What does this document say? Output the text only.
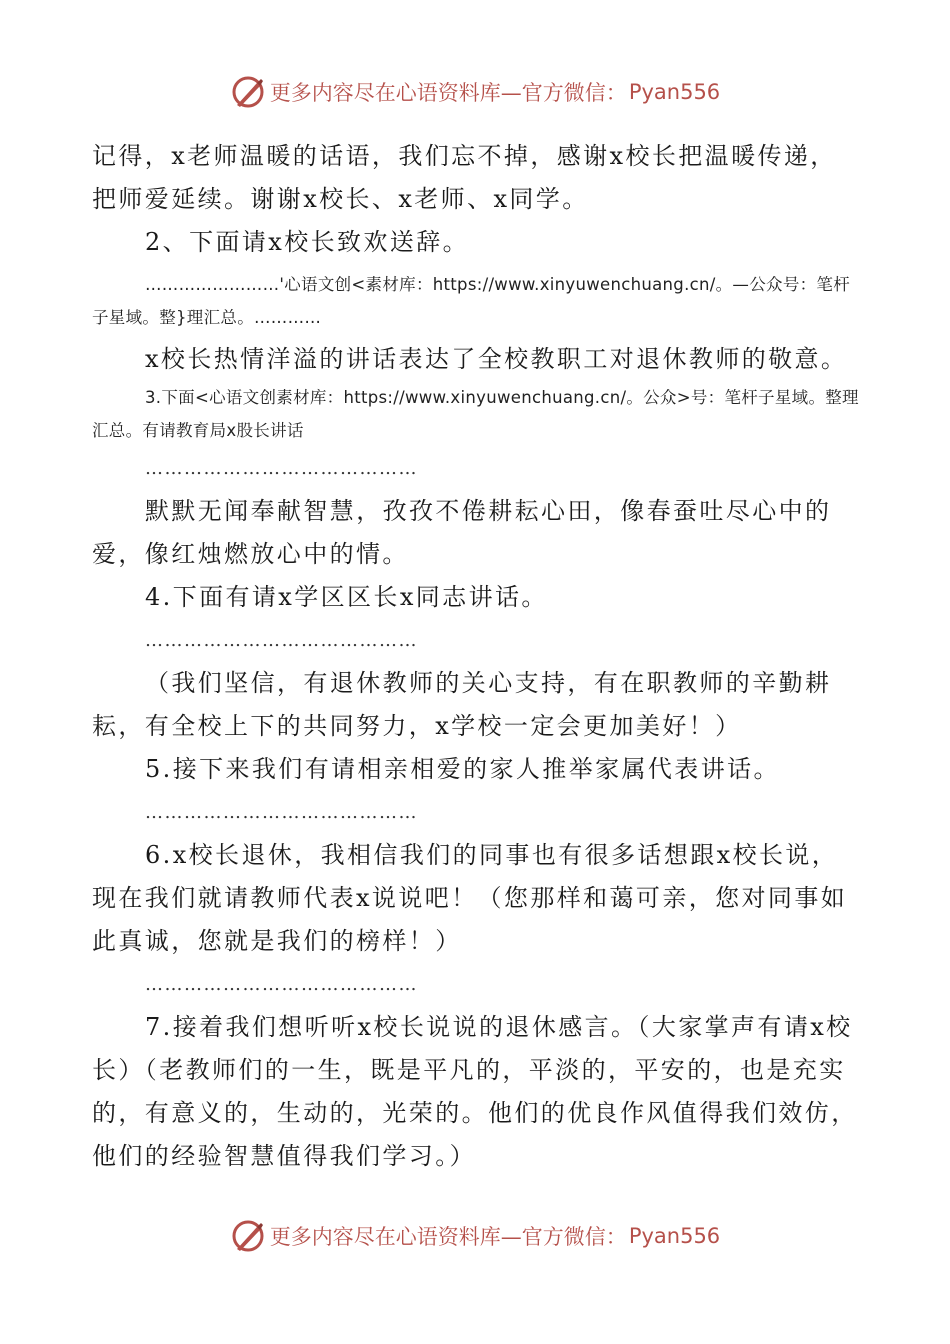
更多内容尽在心语资料库—官方微信： Pyan556

记得，x老师温暖的话语，我们忘不掉，感谢x校长把温暖传递，把师爱延续。谢谢x校长、x老师、x同学。

2、下面请x校长致欢送辞。

……………………'心语文创<素材库：https://www.xinyuwenchuang.cn/。—公众号：笔杆子星域。整}理汇总。…………

x校长热情洋溢的讲话表达了全校教职工对退休教师的敬意。

3.下面<心语文创素材库：https://www.xinyuwenchuang.cn/。公众>号：笔杆子星域。整理汇总。有请教育局x股长讲话

……………………………………

默默无闻奉献智慧，孜孜不倦耕耘心田，像春蚕吐尽心中的爱，像红烛燃放心中的情。

4.下面有请x学区区长x同志讲话。

……………………………………

（我们坚信，有退休教师的关心支持，有在职教师的辛勤耕耘，有全校上下的共同努力，x学校一定会更加美好！）

5.接下来我们有请相亲相爱的家人推举家属代表讲话。

……………………………………

6.x校长退休，我相信我们的同事也有很多话想跟x校长说，现在我们就请教师代表x说说吧！（您那样和蔼可亲，您对同事如此真诚，您就是我们的榜样！）

……………………………………

7.接着我们想听听x校长说说的退休感言。（大家掌声有请x校长）（老教师们的一生，既是平凡的，平淡的，平安的，也是充实的，有意义的，生动的，光荣的。他们的优良作风值得我们效仿，他们的经验智慧值得我们学习。）

更多内容尽在心语资料库—官方微信： Pyan556
